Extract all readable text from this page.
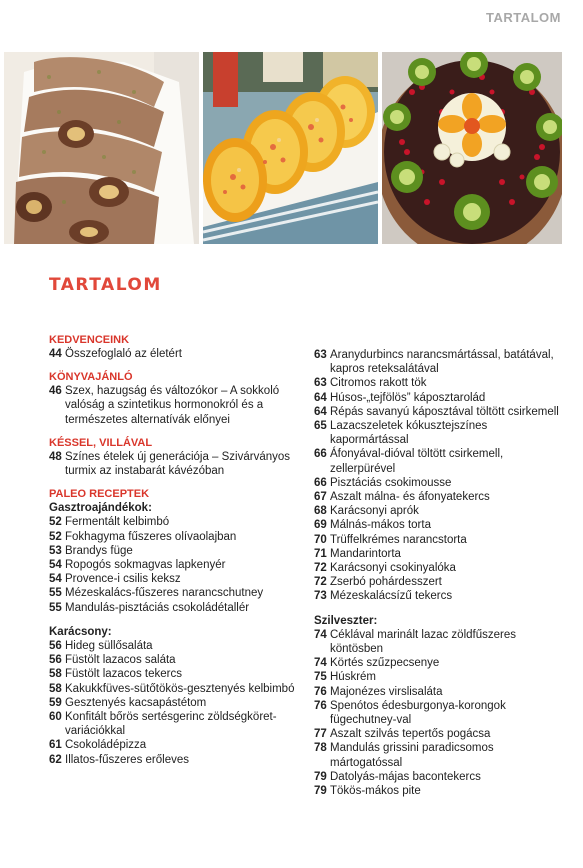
TARTALOM
TARTALOM
KEDVENCEINK
44 Összefoglaló az életért
KÖNYVAJÁNLÓ
46 Szex, hazugság és változókor – A sokkoló valóság a szintetikus hormonokról és a természetes alternatívák előnyei
KÉSSEL, VILLÁVAL
48 Színes ételek új generációja – Szivárványos turmix az instabarát kávézóban
PALEO RECEPTEK
Gasztroajándékok:
52 Fermentált kelbimbó
52 Fokhagyma fűszeres olívaolajban
53 Brandys füge
54 Ropogós sokmagvas lapkenyér
54 Provence-i csilis keksz
55 Mézeskalács-fűszeres narancschutney
55 Mandulás-pisztáciás csokoládétallér
Karácsony:
56 Hideg süllősaláta
56 Füstölt lazacos saláta
58 Füstölt lazacos tekercs
58 Kakukkfüves-sütőtökös-gesztenyés kelbimbó
59 Gesztenyés kacsapástétom
60 Konfitált bőrös sertésgerinc zöldségköret-variációkkal
61 Csokoládépizza
62 Illatos-fűszeres erőleves
63 Aranydurbincs narancsmártással, batátával, kapros reteksalátával
63 Citromos rakott tök
64 Húsos-„tejfölös” káposztarolád
64 Répás savanyú káposztával töltött csirkemell
65 Lazacszeletek kókusztejszínes kapormártással
66 Áfonyával-dióval töltött csirkemell, zellerpürével
66 Pisztáciás csokimousse
67 Aszalt málna- és áfonyatekercs
68 Karácsonyi aprók
69 Málnás-mákos torta
70 Trüffelkrémes narancstorta
71 Mandarintorta
72 Karácsonyi csokinyalóka
72 Zserbó pohárdesszert
73 Mézeskalácsízű tekercs
Szilveszter:
74 Céklával marinált lazac zöldfűszeres köntösben
74 Körtés szűzpecsenye
75 Húskrém
76 Majonézes virslisaláta
76 Spenótos édesburgonya-korongok fügechutney-val
77 Aszalt szilvás tepertős pogácsa
78 Mandulás grissini paradicsomos mártogatóssal
79 Datolyás-májas bacontekercs
79 Tökös-mákos pite
